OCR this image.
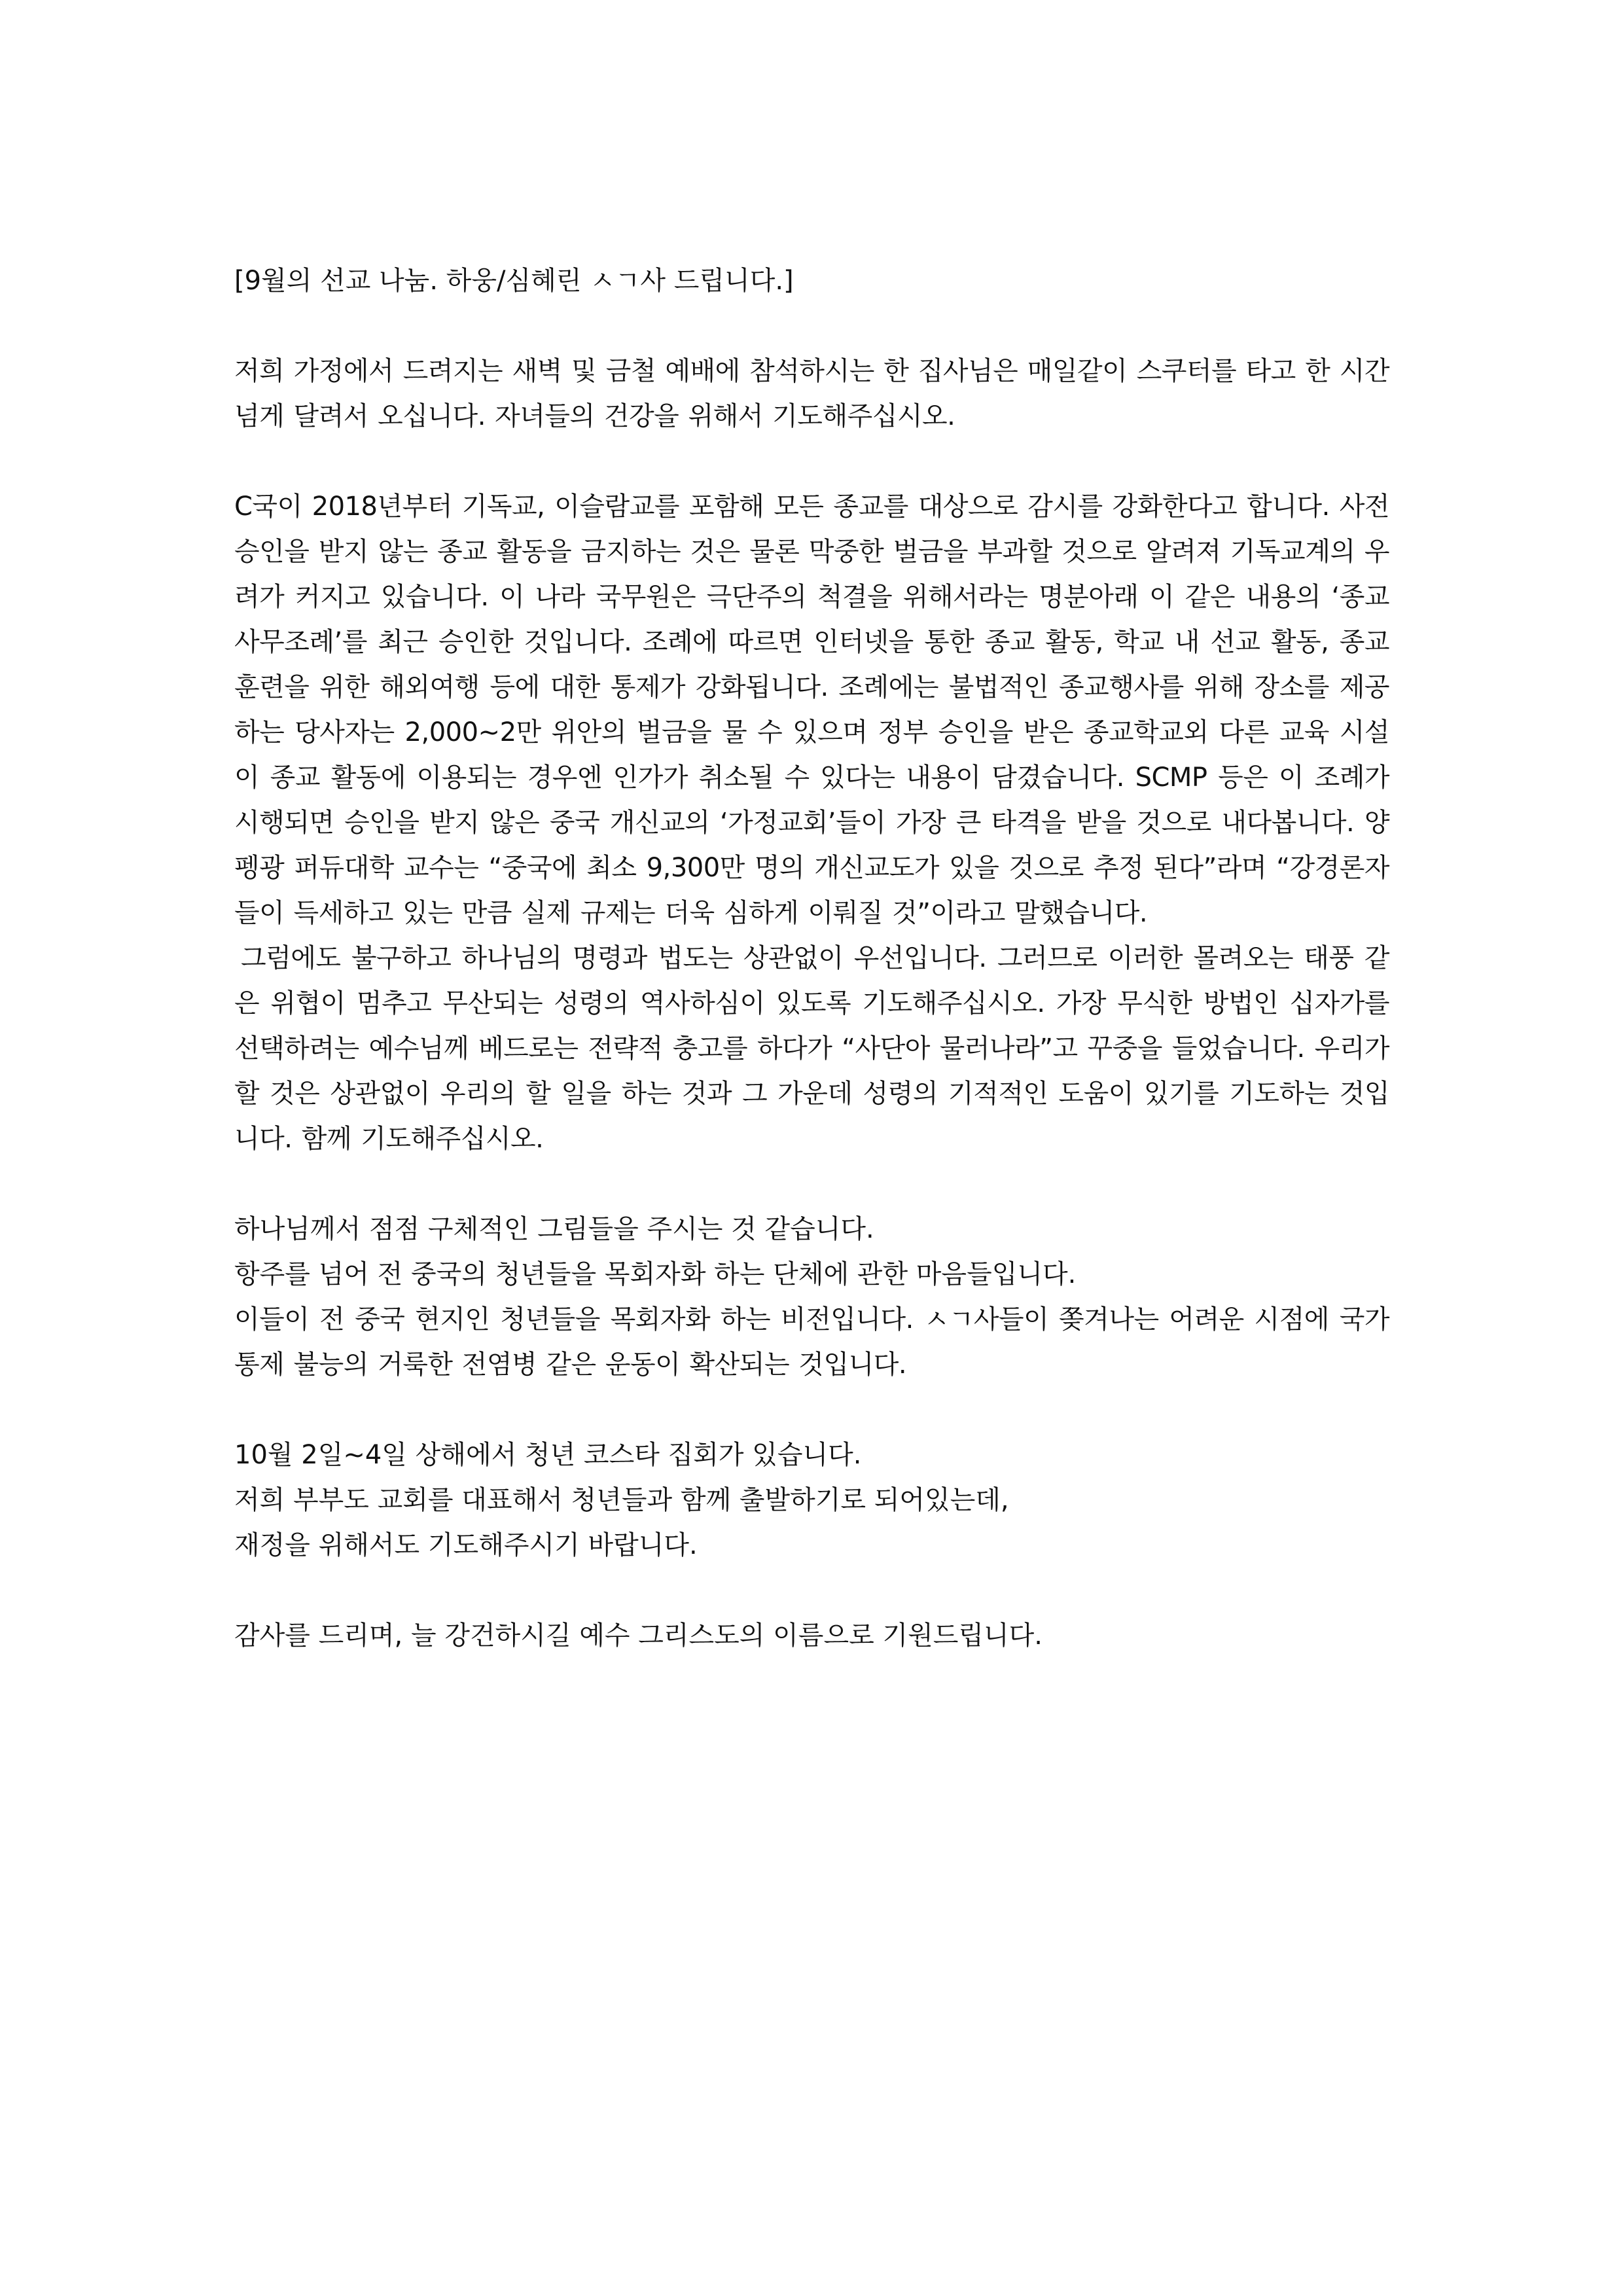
[9월의 선교 나눔. 하웅/심혜린 ㅅㄱ사 드립니다.]

저희 가정에서 드려지는 새벽 및 금철 예배에 참석하시는 한 집사님은 매일같이 스쿠터를 타고 한 시간 넘게 달려서 오십니다. 자녀들의 건강을 위해서 기도해주십시오.

C국이 2018년부터 기독교, 이슬람교를 포함해 모든 종교를 대상으로 감시를 강화한다고 합니다. 사전 승인을 받지 않는 종교 활동을 금지하는 것은 물론 막중한 벌금을 부과할 것으로 알려져 기독교계의 우려가 커지고 있습니다. 이 나라 국무원은 극단주의 척결을 위해서라는 명분아래 이 같은 내용의 ‘종교사무조례’를 최근 승인한 것입니다. 조례에 따르면 인터넷을 통한 종교 활동, 학교 내 선교 활동, 종교 훈련을 위한 해외여행 등에 대한 통제가 강화됩니다. 조례에는 불법적인 종교행사를 위해 장소를 제공하는 당사자는 2,000~2만 위안의 벌금을 물 수 있으며 정부 승인을 받은 종교학교외 다른 교육 시설이 종교 활동에 이용되는 경우엔 인가가 취소될 수 있다는 내용이 담겼습니다. SCMP 등은 이 조례가 시행되면 승인을 받지 않은 중국 개신교의 ‘가정교회’들이 가장 큰 타격을 받을 것으로 내다봅니다. 양펭광 퍼듀대학 교수는 “중국에 최소 9,300만 명의 개신교도가 있을 것으로 추정 된다”라며 “강경론자들이 득세하고 있는 만큼 실제 규제는 더욱 심하게 이뤄질 것”이라고 말했습니다.

그럼에도 불구하고 하나님의 명령과 법도는 상관없이 우선입니다. 그러므로 이러한 몰려오는 태풍 같은 위협이 멈추고 무산되는 성령의 역사하심이 있도록 기도해주십시오. 가장 무식한 방법인 십자가를 선택하려는 예수님께 베드로는 전략적 충고를 하다가 “사단아 물러나라”고 꾸중을 들었습니다. 우리가 할 것은 상관없이 우리의 할 일을 하는 것과 그 가운데 성령의 기적적인 도움이 있기를 기도하는 것입니다. 함께 기도해주십시오.

하나님께서 점점 구체적인 그림들을 주시는 것 같습니다.

항주를 넘어 전 중국의 청년들을 목회자화 하는 단체에 관한 마음들입니다.

이들이 전 중국 현지인 청년들을 목회자화 하는 비전입니다. ㅅㄱ사들이 쫒겨나는 어려운 시점에 국가 통제 불능의 거룩한 전염병 같은 운동이 확산되는 것입니다.

10월 2일~4일 상해에서 청년 코스타 집회가 있습니다.

저희 부부도 교회를 대표해서 청년들과 함께 출발하기로 되어있는데,

재정을 위해서도 기도해주시기 바랍니다.

감사를 드리며, 늘 강건하시길 예수 그리스도의 이름으로 기원드립니다.
